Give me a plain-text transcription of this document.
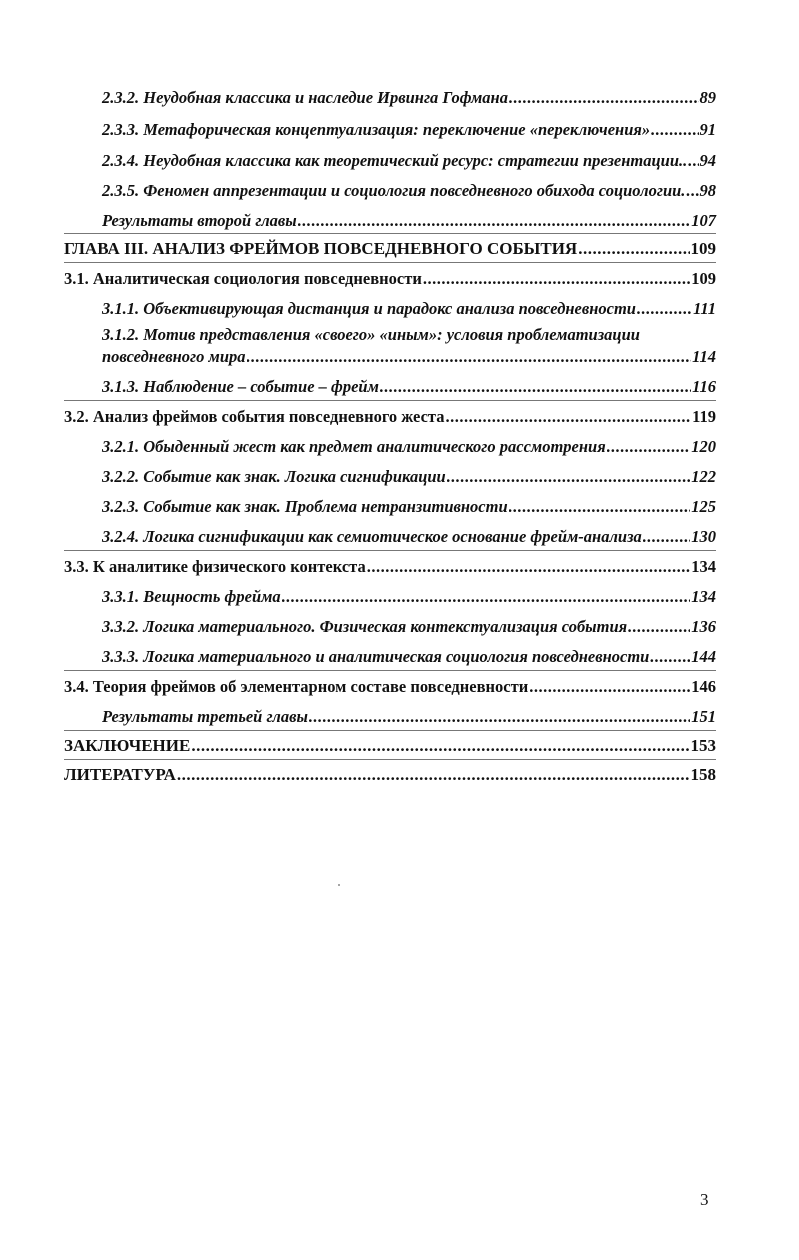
2.3.2. Неудобная классика и наследие Ирвинга Гофмана .....	89
2.3.3. Метафорическая концептуализация: переключение «переключения» .....	91
2.3.4. Неудобная классика как теоретический ресурс: стратегии презентации.. ..... 94
2.3.5. Феномен аппрезентации и социология повседневного обихода социологии. ..... 98
Результаты второй главы .....	107
ГЛАВА III. АНАЛИЗ ФРЕЙМОВ ПОВСЕДНЕВНОГО СОБЫТИЯ .....	109
3.1. Аналитическая социология повседневности .....	109
3.1.1. Объективирующая дистанция и парадокс анализа повседневности .....	111
3.1.2. Мотив представления «своего» «иным»: условия проблематизации
повседневного мира .....	114
3.1.3. Наблюдение – событие – фрейм .....	116
3.2. Анализ фреймов события повседневного жеста .....	119
3.2.1. Обыденный жест как предмет аналитического рассмотрения .....	120
3.2.2. Событие как знак. Логика сигнификации .....	122
3.2.3. Событие как знак. Проблема нетранзитивности .....	125
3.2.4. Логика сигнификации как семиотическое основание фрейм-анализа .....	130
3.3. К аналитике физического контекста .....	134
3.3.1. Вещность фрейма .....	134
3.3.2. Логика материального. Физическая контекстуализация события .....	136
3.3.3. Логика материального и аналитическая социология повседневности .....	144
3.4. Теория фреймов об элементарном составе повседневности .....	146
Результаты третьей главы .....	151
ЗАКЛЮЧЕНИЕ .....	153
ЛИТЕРАТУРА .....	158
3
